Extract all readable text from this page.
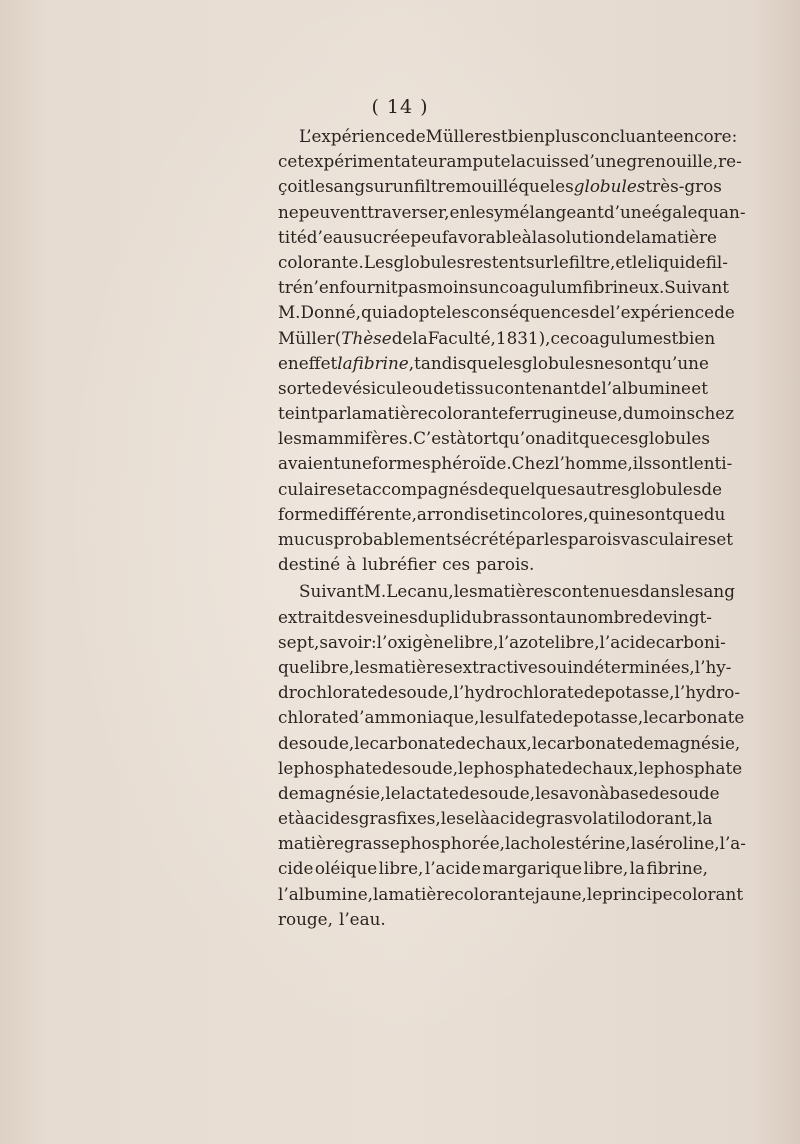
( 14 )
L’expérience de Müller est bien plus concluante encore :
cet expérimentateur ampute la cuisse d’une grenouille, re-
çoit le sang sur un filtre mouillé que les globules très-gros
ne peuvent traverser, en les y mélangeant d’une égale quan-
tité d’eau sucrée peu favorable à la solution de la matière
colorante. Les globules restent sur le filtre, et le liquide fil-
tré n’en fournit pas moins un coagulum fibrineux. Suivant
M. Donné, qui adopte les conséquences de l’expérience de
Müller ( Thèse de la Faculté, 1831), ce coagulum est bien
en effet la fibrine , tandis que les globules ne sont qu’une
sorte de vésicule ou de tissu contenant de l’albumine et
teint par la matière colorante ferrugineuse, du moins chez
les mammifères. C’est à tort qu’on a dit que ces globules
avaient une forme sphéroïde. Chez l’homme, ils sont lenti-
culaires et accompagnés de quelques autres globules de
forme différente, arrondis et incolores, qui ne sont que du
mucus probablement sécrété par les parois vasculaires et
destiné à lubréfier ces parois.
Suivant M. Lecanu, les matières contenues dans le sang
extrait des veines du pli du bras sont au nombre de vingt-
sept, savoir : l’oxigène libre, l’azote libre, l’acide carboni-
que libre, les matières extractives ou indéterminées, l’hy-
drochlorate de soude, l’hydrochlorate de potasse, l’hydro-
chlorate d’ammoniaque, le sulfate de potasse, le carbonate
de soude, le carbonate de chaux, le carbonate de magnésie,
le phosphate de soude, le phosphate de chaux, le phosphate
de magnésie, le lactate de soude, le savon à base de soude
et à acides gras fixes, le sel à acide gras volatil odorant, la
matière grasse phosphorée, la cholestérine, la séroline, l’a-
cide oléique libre, l’acide margarique libre, la fibrine,
l’albumine, la matière colorante jaune, le principe colorant
rouge, l’eau.
